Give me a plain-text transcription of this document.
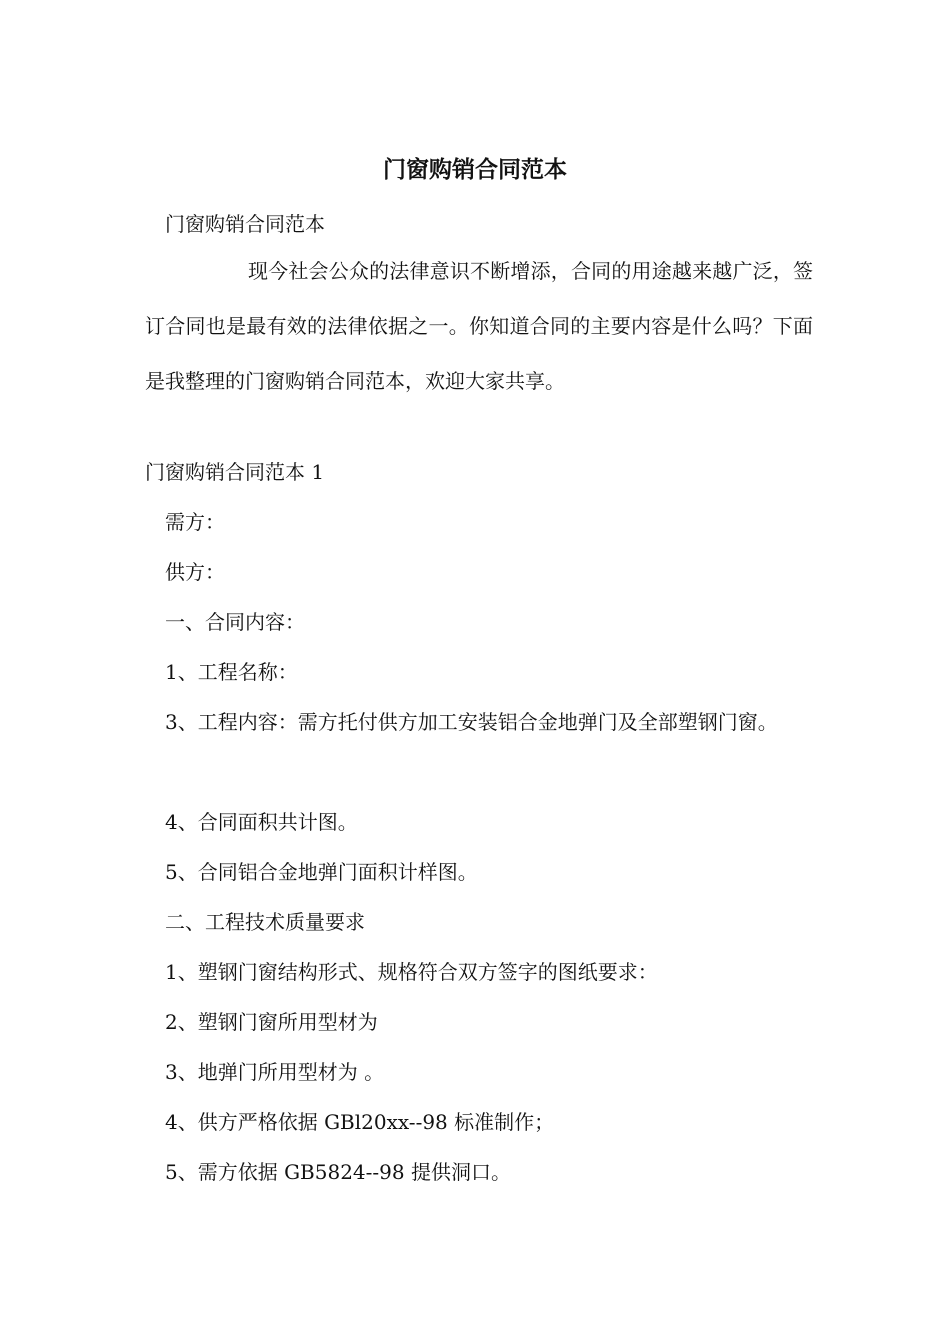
门窗购销合同范本
门窗购销合同范本
现今社会公众的法律意识不断增添，合同的用途越来越广泛，签订合同也是最有效的法律依据之一。你知道合同的主要内容是什么吗？下面是我整理的门窗购销合同范本，欢迎大家共享。
门窗购销合同范本 1
需方：
供方：
一、合同内容：
1、工程名称：
3、工程内容：需方托付供方加工安装铝合金地弹门及全部塑钢门窗。
4、合同面积共计图。
5、合同铝合金地弹门面积计样图。
二、工程技术质量要求
1、塑钢门窗结构形式、规格符合双方签字的图纸要求：
2、塑钢门窗所用型材为
3、地弹门所用型材为 。
4、供方严格依据 GBl20xx--98 标准制作；
5、需方依据 GB5824--98 提供洞口。
